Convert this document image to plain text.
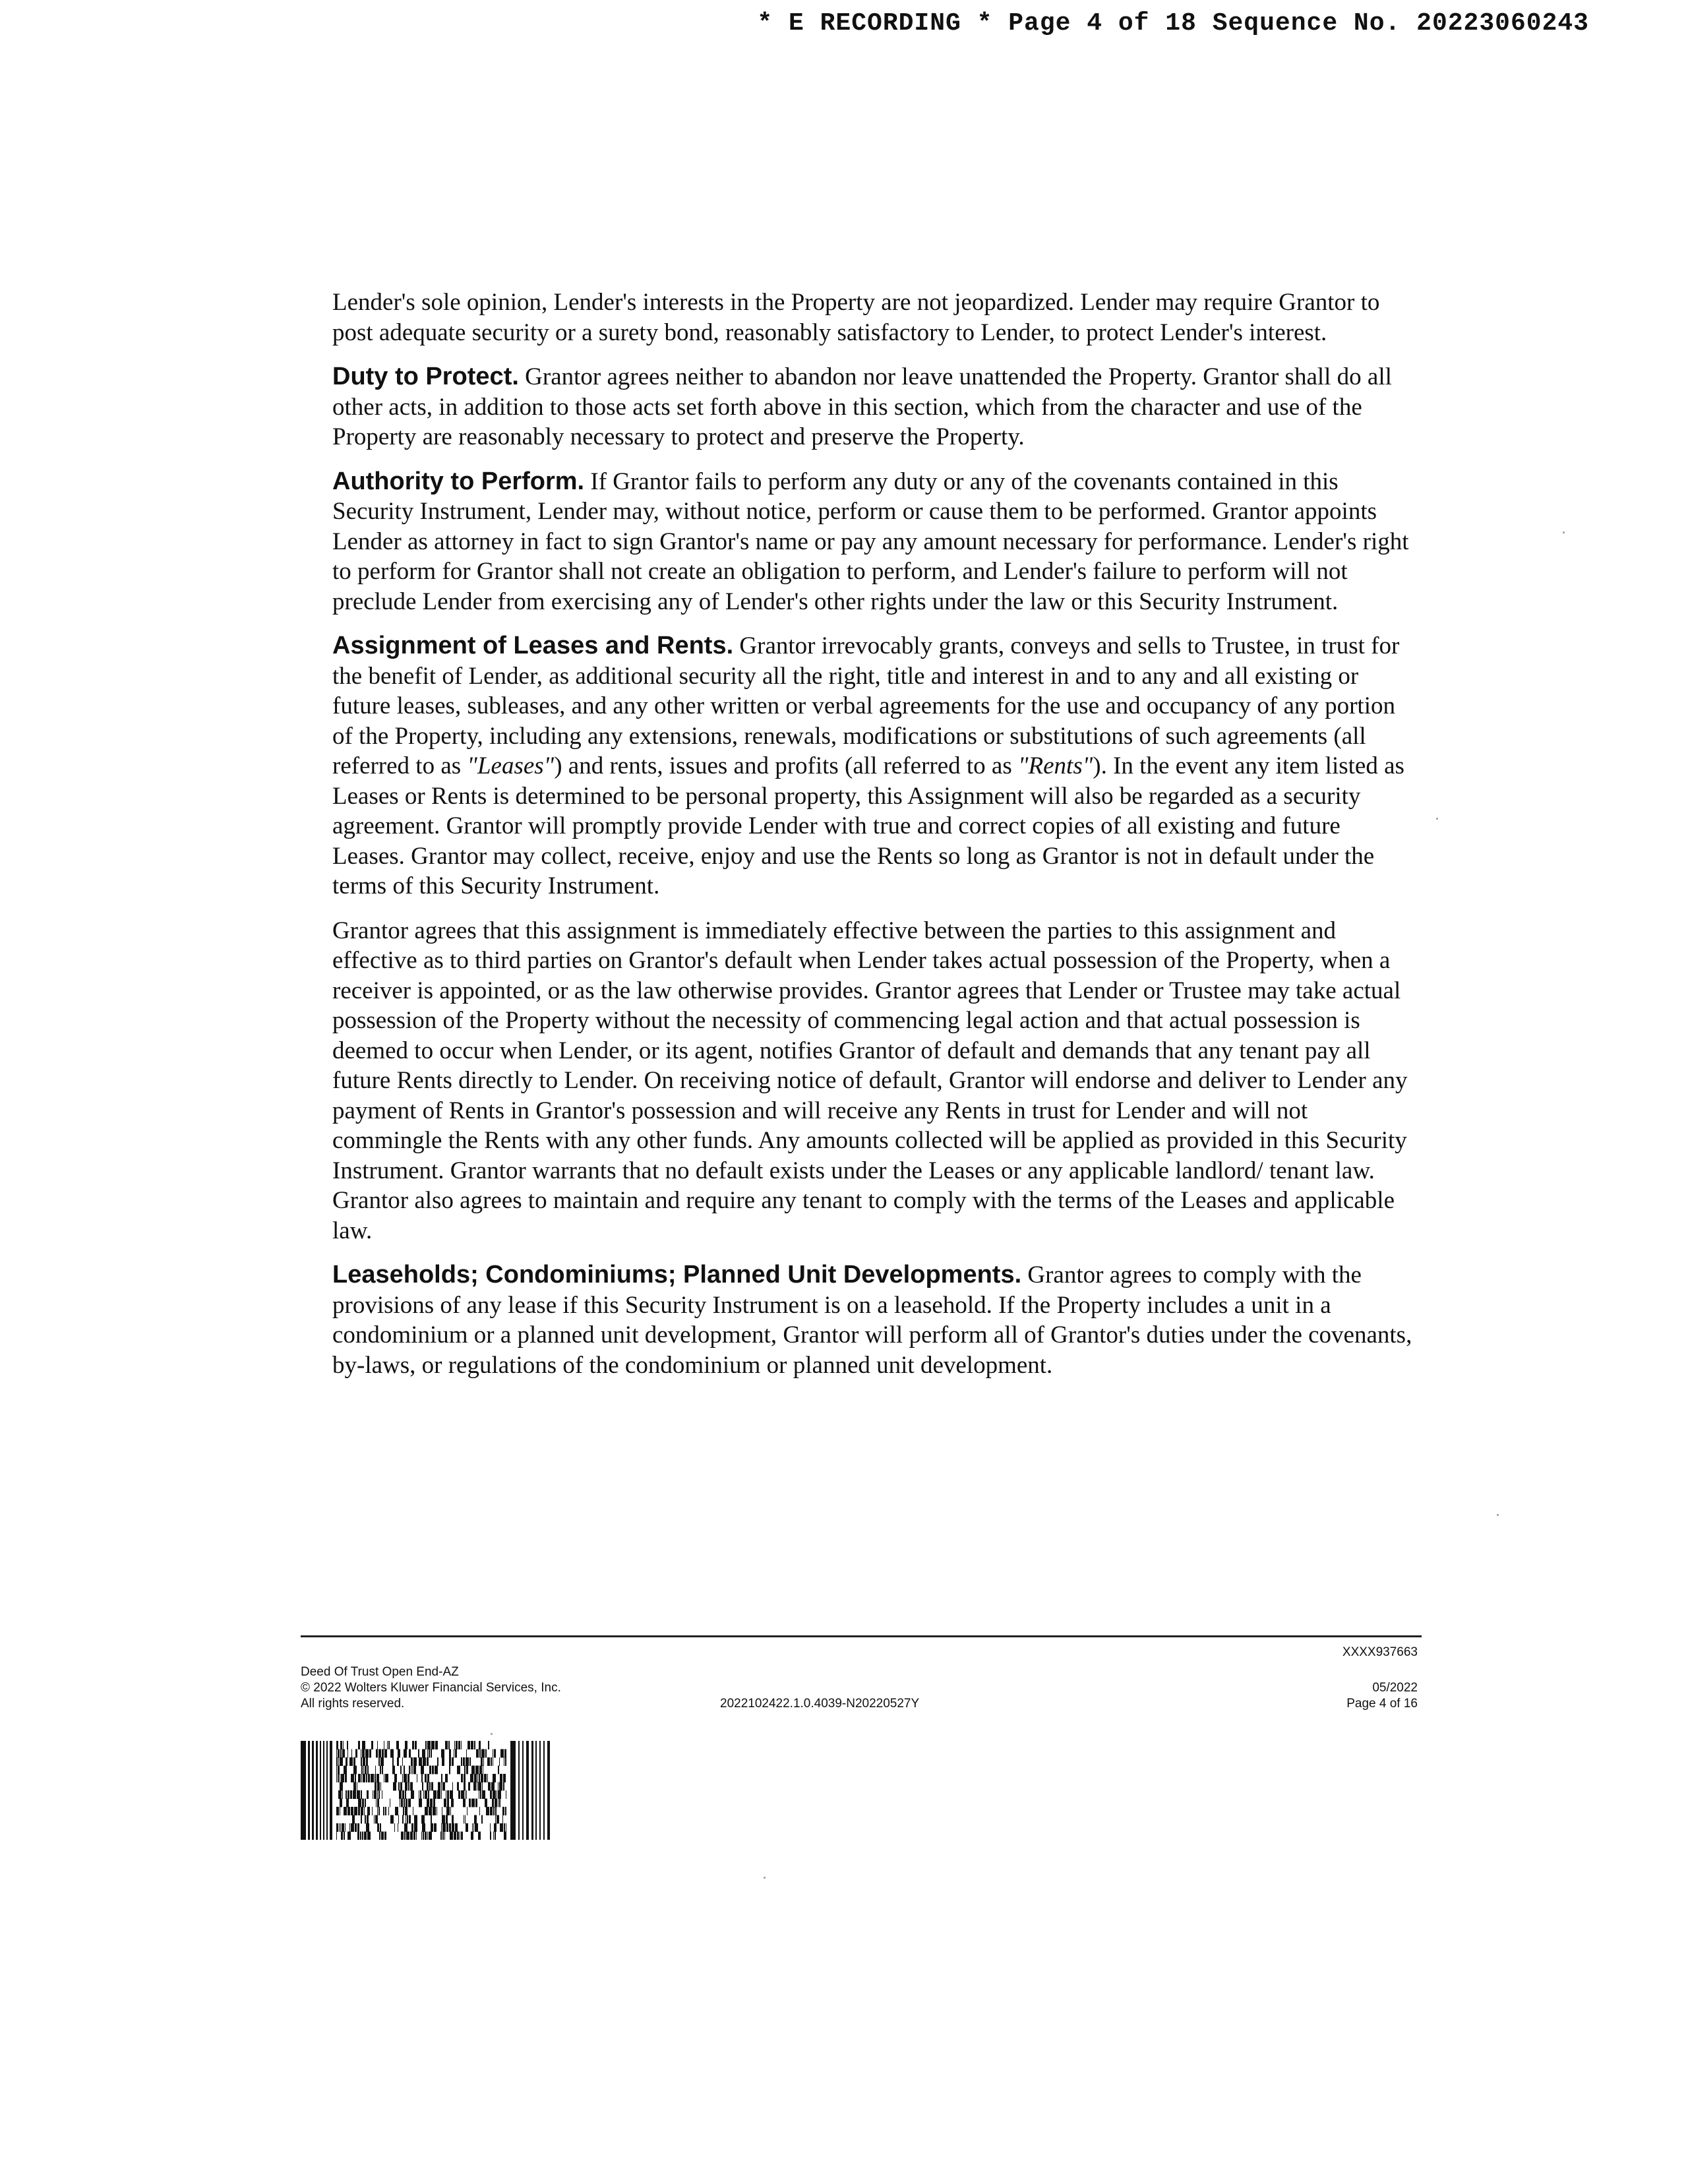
* E RECORDING * Page 4 of 18 Sequence No. 20223060243

Lender's sole opinion, Lender's interests in the Property are not jeopardized. Lender may require Grantor to post adequate security or a surety bond, reasonably satisfactory to Lender, to protect Lender's interest.

Duty to Protect. Grantor agrees neither to abandon nor leave unattended the Property. Grantor shall do all other acts, in addition to those acts set forth above in this section, which from the character and use of the Property are reasonably necessary to protect and preserve the Property.

Authority to Perform. If Grantor fails to perform any duty or any of the covenants contained in this Security Instrument, Lender may, without notice, perform or cause them to be performed. Grantor appoints Lender as attorney in fact to sign Grantor's name or pay any amount necessary for performance. Lender's right to perform for Grantor shall not create an obligation to perform, and Lender's failure to perform will not preclude Lender from exercising any of Lender's other rights under the law or this Security Instrument.

Assignment of Leases and Rents. Grantor irrevocably grants, conveys and sells to Trustee, in trust for the benefit of Lender, as additional security all the right, title and interest in and to any and all existing or future leases, subleases, and any other written or verbal agreements for the use and occupancy of any portion of the Property, including any extensions, renewals, modifications or substitutions of such agreements (all referred to as "Leases") and rents, issues and profits (all referred to as "Rents"). In the event any item listed as Leases or Rents is determined to be personal property, this Assignment will also be regarded as a security agreement. Grantor will promptly provide Lender with true and correct copies of all existing and future Leases. Grantor may collect, receive, enjoy and use the Rents so long as Grantor is not in default under the terms of this Security Instrument.

Grantor agrees that this assignment is immediately effective between the parties to this assignment and effective as to third parties on Grantor's default when Lender takes actual possession of the Property, when a receiver is appointed, or as the law otherwise provides. Grantor agrees that Lender or Trustee may take actual possession of the Property without the necessity of commencing legal action and that actual possession is deemed to occur when Lender, or its agent, notifies Grantor of default and demands that any tenant pay all future Rents directly to Lender. On receiving notice of default, Grantor will endorse and deliver to Lender any payment of Rents in Grantor's possession and will receive any Rents in trust for Lender and will not commingle the Rents with any other funds. Any amounts collected will be applied as provided in this Security Instrument. Grantor warrants that no default exists under the Leases or any applicable landlord/ tenant law. Grantor also agrees to maintain and require any tenant to comply with the terms of the Leases and applicable law.

Leaseholds; Condominiums; Planned Unit Developments. Grantor agrees to comply with the provisions of any lease if this Security Instrument is on a leasehold. If the Property includes a unit in a condominium or a planned unit development, Grantor will perform all of Grantor's duties under the covenants, by-laws, or regulations of the condominium or planned unit development.

Deed Of Trust Open End-AZ
© 2022 Wolters Kluwer Financial Services, Inc.
All rights reserved.	2022102422.1.0.4039-N20220527Y
XXXX937663
05/2022
Page 4 of 16
